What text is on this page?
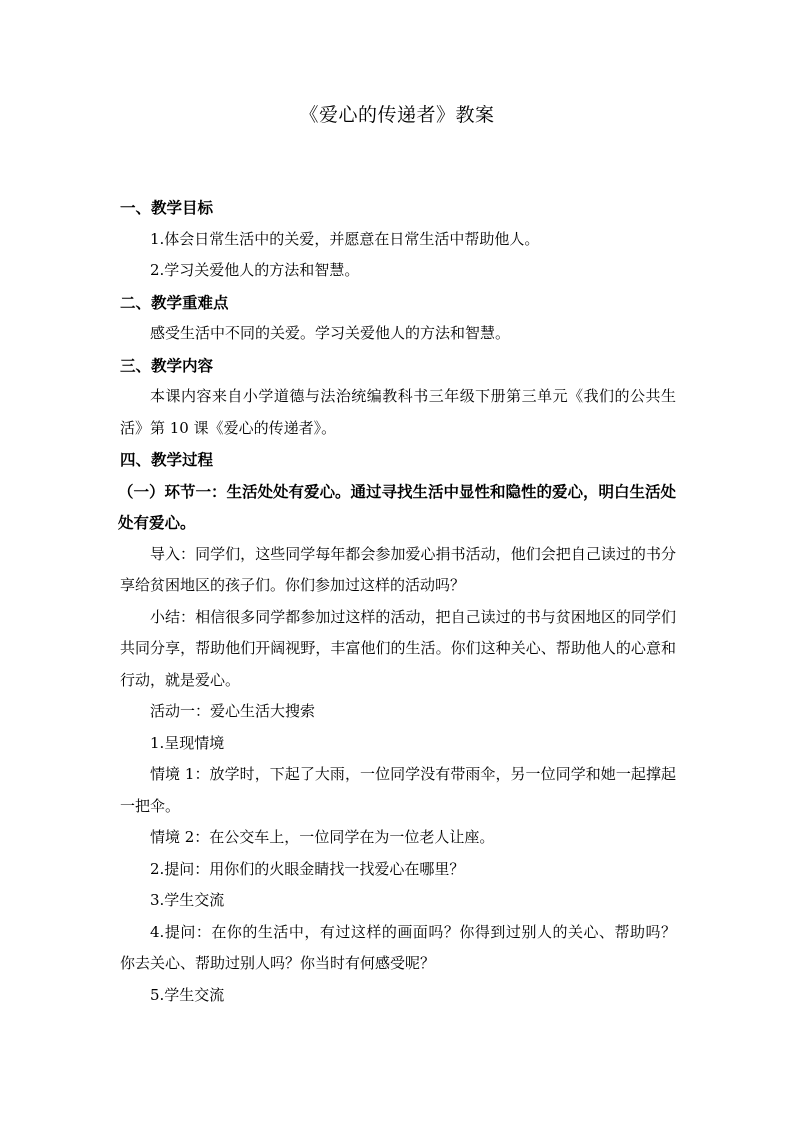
《爱心的传递者》教案
一、教学目标
1.体会日常生活中的关爱，并愿意在日常生活中帮助他人。
2.学习关爱他人的方法和智慧。
二、教学重难点
感受生活中不同的关爱。学习关爱他人的方法和智慧。
三、教学内容
本课内容来自小学道德与法治统编教科书三年级下册第三单元《我们的公共生活》第 10 课《爱心的传递者》。
四、教学过程
（一）环节一：生活处处有爱心。通过寻找生活中显性和隐性的爱心，明白生活处处有爱心。
导入：同学们，这些同学每年都会参加爱心捐书活动，他们会把自己读过的书分享给贫困地区的孩子们。你们参加过这样的活动吗？
小结：相信很多同学都参加过这样的活动，把自己读过的书与贫困地区的同学们共同分享，帮助他们开阔视野，丰富他们的生活。你们这种关心、帮助他人的心意和行动，就是爱心。
活动一：爱心生活大搜索
1.呈现情境
情境 1：放学时，下起了大雨，一位同学没有带雨伞，另一位同学和她一起撑起一把伞。
情境 2：在公交车上，一位同学在为一位老人让座。
2.提问：用你们的火眼金睛找一找爱心在哪里？
3.学生交流
4.提问：在你的生活中，有过这样的画面吗？你得到过别人的关心、帮助吗？ 你去关心、帮助过别人吗？你当时有何感受呢？
5.学生交流
